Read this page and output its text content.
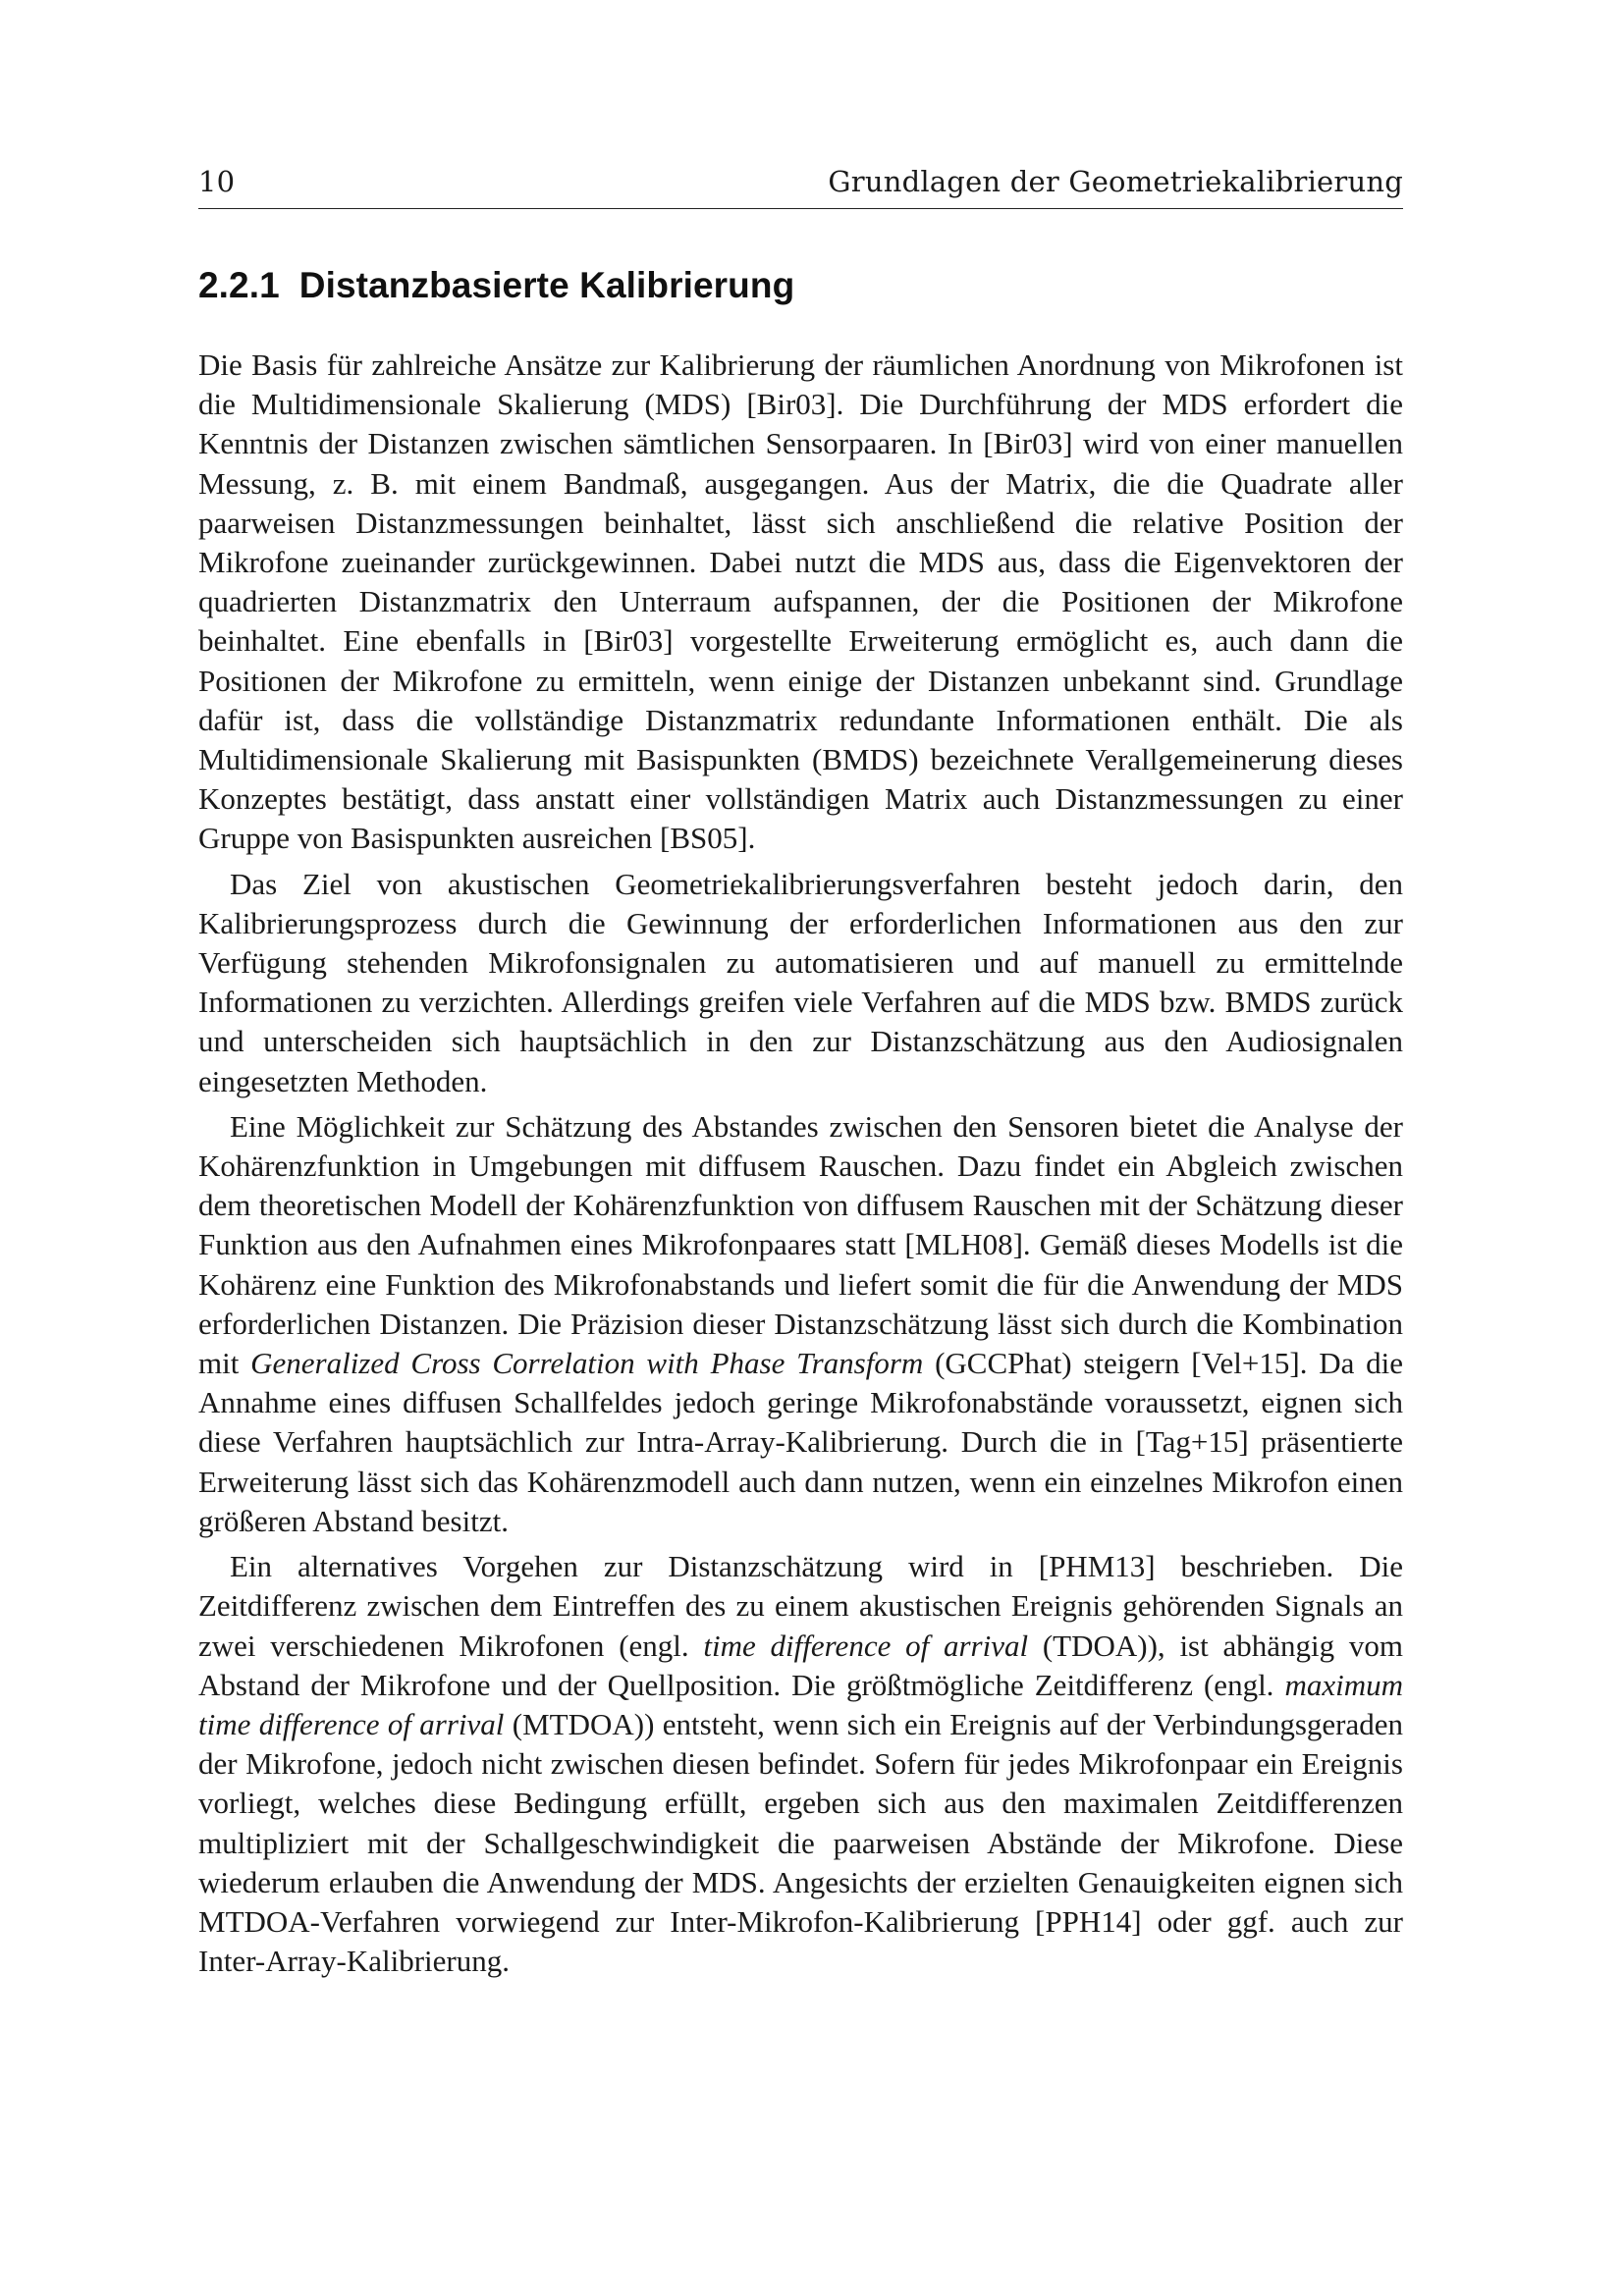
10	Grundlagen der Geometriekalibrierung
2.2.1 Distanzbasierte Kalibrierung

Die Basis für zahlreiche Ansätze zur Kalibrierung der räumlichen Anordnung von Mikrofonen ist die Multidimensionale Skalierung (MDS) [Bir03]. Die Durchführung der MDS erfordert die Kenntnis der Distanzen zwischen sämtlichen Sensorpaaren. In [Bir03] wird von einer manuellen Messung, z. B. mit einem Bandmaß, ausgegangen. Aus der Matrix, die die Quadrate aller paarweisen Distanzmessungen beinhaltet, lässt sich anschließend die relative Position der Mikrofone zueinander zurückgewinnen. Dabei nutzt die MDS aus, dass die Eigenvektoren der quadrierten Distanzmatrix den Unterraum aufspannen, der die Positionen der Mikrofone beinhaltet. Eine ebenfalls in [Bir03] vorgestellte Erweiterung ermöglicht es, auch dann die Positionen der Mikrofone zu ermitteln, wenn einige der Distanzen unbekannt sind. Grundlage dafür ist, dass die vollständige Distanzmatrix redundante Informationen enthält. Die als Multidimensionale Skalierung mit Basispunkten (BMDS) bezeichnete Verallgemeinerung dieses Konzeptes bestätigt, dass anstatt einer vollständigen Matrix auch Distanzmessungen zu einer Gruppe von Basispunkten ausreichen [BS05].

Das Ziel von akustischen Geometriekalibrierungsverfahren besteht jedoch darin, den Kalibrierungsprozess durch die Gewinnung der erforderlichen Informationen aus den zur Verfügung stehenden Mikrofonsignalen zu automatisieren und auf manuell zu ermittelnde Informationen zu verzichten. Allerdings greifen viele Verfahren auf die MDS bzw. BMDS zurück und unterscheiden sich hauptsächlich in den zur Distanzschätzung aus den Audiosignalen eingesetzten Methoden.

Eine Möglichkeit zur Schätzung des Abstandes zwischen den Sensoren bietet die Analyse der Kohärenzfunktion in Umgebungen mit diffusem Rauschen. Dazu findet ein Abgleich zwischen dem theoretischen Modell der Kohärenzfunktion von diffusem Rauschen mit der Schätzung dieser Funktion aus den Aufnahmen eines Mikrofonpaares statt [MLH08]. Gemäß dieses Modells ist die Kohärenz eine Funktion des Mikrofonabstands und liefert somit die für die Anwendung der MDS erforderlichen Distanzen. Die Präzision dieser Distanzschätzung lässt sich durch die Kombination mit Generalized Cross Correlation with Phase Transform (GCCPhat) steigern [Vel+15]. Da die Annahme eines diffusen Schallfeldes jedoch geringe Mikrofonabstände voraussetzt, eignen sich diese Verfahren hauptsächlich zur Intra-Array-Kalibrierung. Durch die in [Tag+15] präsentierte Erweiterung lässt sich das Kohärenzmodell auch dann nutzen, wenn ein einzelnes Mikrofon einen größeren Abstand besitzt.

Ein alternatives Vorgehen zur Distanzschätzung wird in [PHM13] beschrieben. Die Zeitdifferenz zwischen dem Eintreffen des zu einem akustischen Ereignis gehörenden Signals an zwei verschiedenen Mikrofonen (engl. time difference of arrival (TDOA)), ist abhängig vom Abstand der Mikrofone und der Quellposition. Die größtmögliche Zeitdifferenz (engl. maximum time difference of arrival (MTDOA)) entsteht, wenn sich ein Ereignis auf der Verbindungsgeraden der Mikrofone, jedoch nicht zwischen diesen befindet. Sofern für jedes Mikrofonpaar ein Ereignis vorliegt, welches diese Bedingung erfüllt, ergeben sich aus den maximalen Zeitdifferenzen multipliziert mit der Schallgeschwindigkeit die paarweisen Abstände der Mikrofone. Diese wiederum erlauben die Anwendung der MDS. Angesichts der erzielten Genauigkeiten eignen sich MTDOA-Verfahren vorwiegend zur Inter-Mikrofon-Kalibrierung [PPH14] oder ggf. auch zur Inter-Array-Kalibrierung.
